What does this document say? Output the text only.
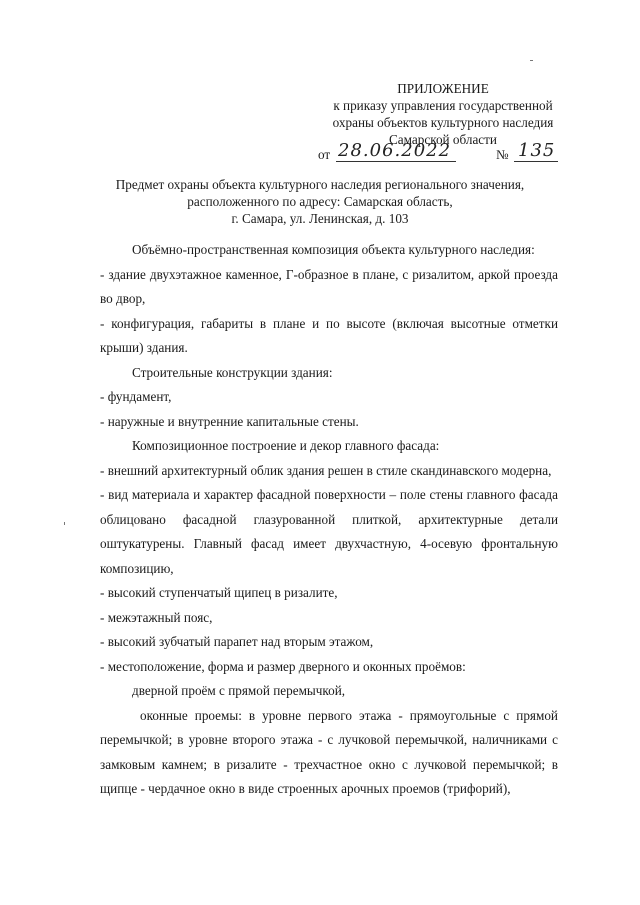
ПРИЛОЖЕНИЕ
к приказу управления государственной
охраны объектов культурного наследия
Самарской области
от 28.06.2022	№ 135
Предмет охраны объекта культурного наследия регионального значения,
расположенного по адресу: Самарская область,
г. Самара, ул. Ленинская, д. 103

Объёмно-пространственная композиция объекта культурного наследия:

- здание двухэтажное каменное, Г-образное в плане, с ризалитом, аркой проезда во двор,

- конфигурация, габариты в плане и по высоте (включая высотные отметки крыши) здания.

Строительные конструкции здания:

- фундамент,

- наружные и внутренние капитальные стены.

Композиционное построение и декор главного фасада:

- внешний архитектурный облик здания решен в стиле скандинавского модерна,

- вид материала и характер фасадной поверхности – поле стены главного фасада облицовано фасадной глазурованной плиткой, архитектурные детали оштукатурены. Главный фасад имеет двухчастную, 4-осевую фронтальную композицию,

- высокий ступенчатый щипец в ризалите,

- межэтажный пояс,

- высокий зубчатый парапет над вторым этажом,

- местоположение, форма и размер дверного и оконных проёмов:

дверной проём с прямой перемычкой,

оконные проемы: в уровне первого этажа - прямоугольные с прямой перемычкой; в уровне второго этажа - с лучковой перемычкой, наличниками с замковым камнем; в ризалите - трехчастное окно с лучковой перемычкой; в щипце - чердачное окно в виде строенных арочных проемов (трифорий),
